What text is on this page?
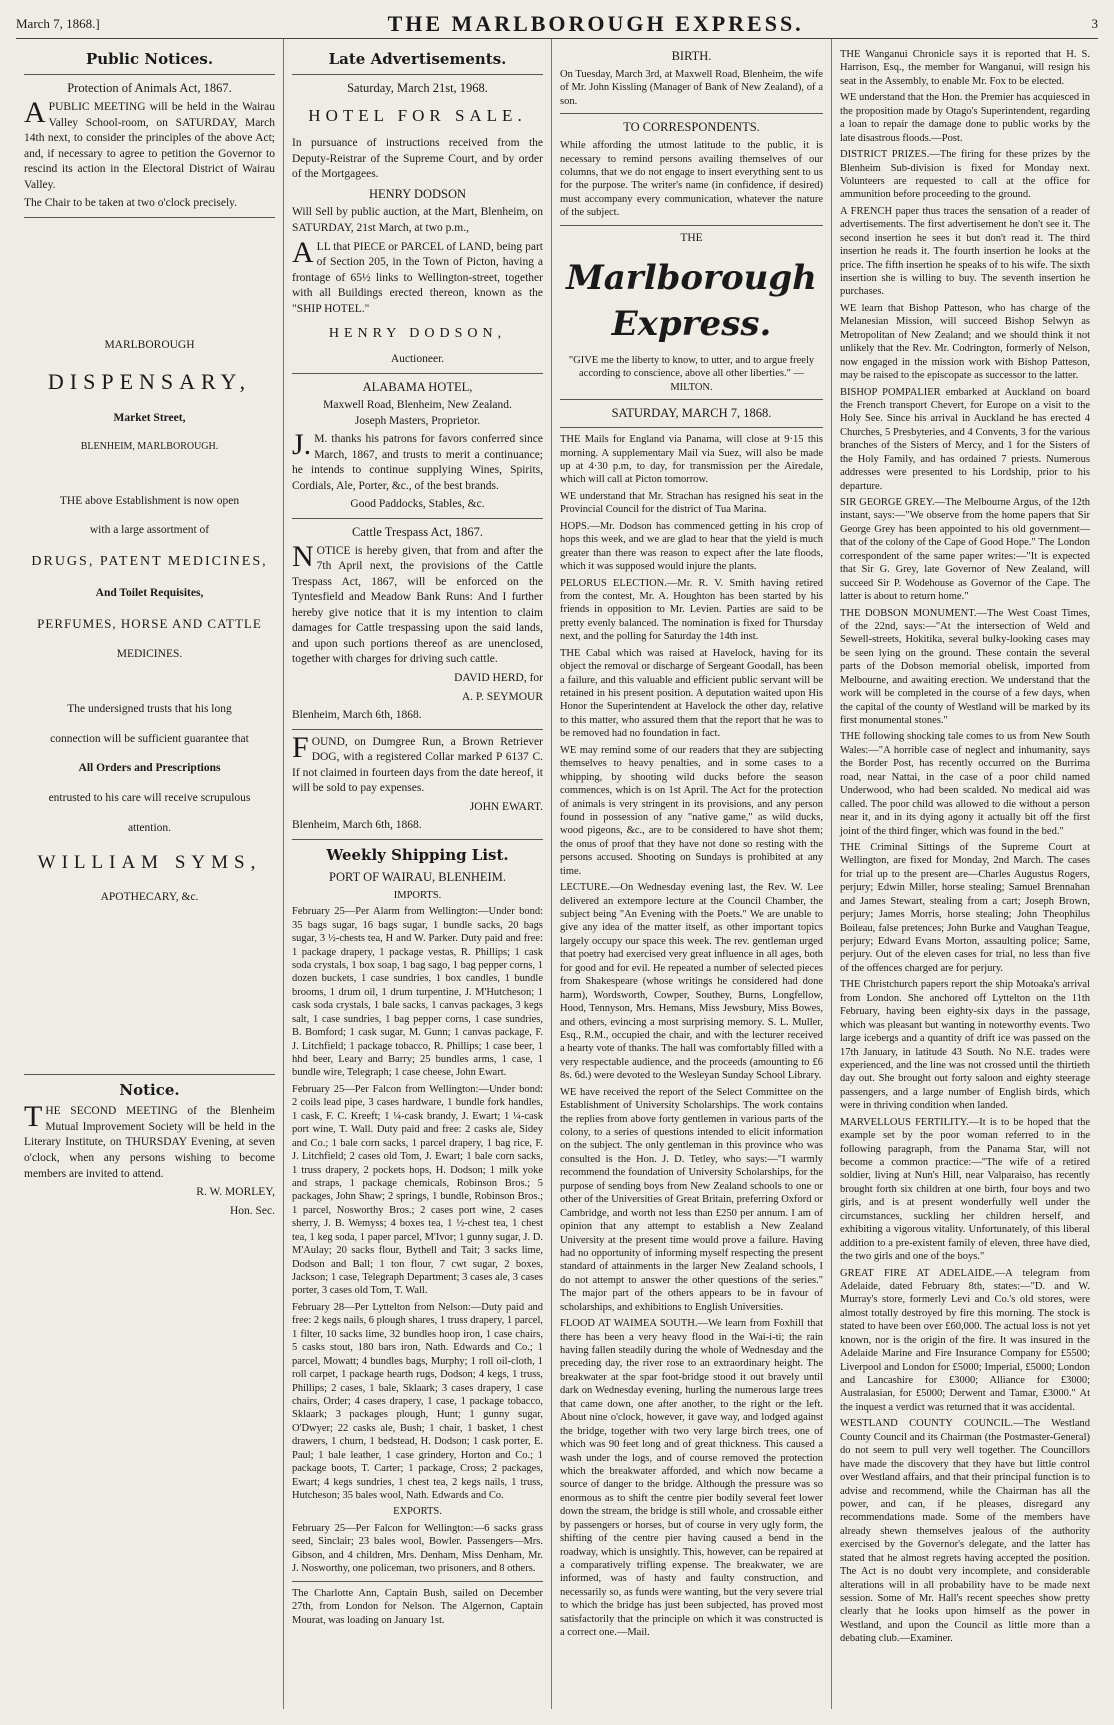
March 7, 1868.]	THE MARLBOROUGH EXPRESS.	3
Public Notices.
Protection of Animals Act, 1867.

APUBLIC MEETING will be held in the Wairau Valley School-room, on SATURDAY, March 14th next, to consider the principles of the above Act; and, if necessary to agree to petition the Governor to rescind its action in the Electoral District of Wairau Valley.

The Chair to be taken at two o'clock precisely.

MARLBOROUGH

DISPENSARY,

Market Street,

BLENHEIM, MARLBOROUGH.

THE above Establishment is now open

with a large assortment of

DRUGS, PATENT MEDICINES,

And Toilet Requisites,

PERFUMES, HORSE AND CATTLE

MEDICINES.

The undersigned trusts that his long

connection will be sufficient guarantee that

All Orders and Prescriptions

entrusted to his care will receive scrupulous

attention.

WILLIAM SYMS,

APOTHECARY, &c.

Notice.

THE SECOND MEETING of the Blenheim Mutual Improvement Society will be held in the Literary Institute, on THURSDAY Evening, at seven o'clock, when any persons wishing to become members are invited to attend.

R. W. MORLEY,

Hon. Sec.

Late Advertisements.
Saturday, March 21st, 1968.
HOTEL FOR SALE.

In pursuance of instructions received from the Deputy-Reistrar of the Supreme Court, and by order of the Mortgagees.

HENRY DODSON

Will Sell by public auction, at the Mart, Blenheim, on SATURDAY, 21st March, at two p.m.,

ALL that PIECE or PARCEL of LAND, being part of Section 205, in the Town of Picton, having a frontage of 65½ links to Wellington-street, together with all Buildings erected thereon, known as the "SHIP HOTEL."

HENRY DODSON,
Auctioneer.
ALABAMA HOTEL,
Maxwell Road, Blenheim, New Zealand.
Joseph Masters, Proprietor.

J.M. thanks his patrons for favors conferred since March, 1867, and trusts to merit a continuance; he intends to continue supplying Wines, Spirits, Cordials, Ale, Porter, &c., of the best brands.

Good Paddocks, Stables, &c.
Cattle Trespass Act, 1867.

NOTICE is hereby given, that from and after the 7th April next, the provisions of the Cattle Trespass Act, 1867, will be enforced on the Tyntesfield and Meadow Bank Runs: And I further hereby give notice that it is my intention to claim damages for Cattle trespassing upon the said lands, and upon such portions thereof as are unenclosed, together with charges for driving such cattle.

DAVID HERD, for

A. P. SEYMOUR

Blenheim, March 6th, 1868.

FOUND, on Dumgree Run, a Brown Retriever DOG, with a registered Collar marked P 6137 C. If not claimed in fourteen days from the date hereof, it will be sold to pay expenses.

JOHN EWART.

Blenheim, March 6th, 1868.

Weekly Shipping List.
PORT OF WAIRAU, BLENHEIM.
IMPORTS.

February 25—Per Alarm from Wellington:—Under bond: 35 bags sugar, 16 bags sugar, 1 bundle sacks, 20 bags sugar, 3 ½-chests tea, H and W. Parker. Duty paid and free: 1 package drapery, 1 package vestas, R. Phillips; 1 cask soda crystals, 1 box soap, 1 bag sago, 1 bag pepper corns, 1 dozen buckets, 1 case sundries, 1 box candles, 1 bundle brooms, 1 drum oil, 1 drum turpentine, J. M'Hutcheson; 1 cask soda crystals, 1 bale sacks, 1 canvas packages, 3 kegs salt, 1 case sundries, 1 bag pepper corns, 1 case sundries, B. Bomford; 1 cask sugar, M. Gunn; 1 canvas package, F. J. Litchfield; 1 package tobacco, R. Phillips; 1 case beer, 1 hhd beer, Leary and Barry; 25 bundles arms, 1 case, 1 bundle wire, Telegraph; 1 case cheese, John Ewart.

February 25—Per Falcon from Wellington:—Under bond: 2 coils lead pipe, 3 cases hardware, 1 bundle fork handles, 1 cask, F. C. Kreeft; 1 ¼-cask brandy, J. Ewart; 1 ¼-cask port wine, T. Wall. Duty paid and free: 2 casks ale, Sidey and Co.; 1 bale corn sacks, 1 parcel drapery, 1 bag rice, F. J. Litchfield; 2 cases old Tom, J. Ewart; 1 bale corn sacks, 1 truss drapery, 2 pockets hops, H. Dodson; 1 milk yoke and straps, 1 package chemicals, Robinson Bros.; 5 packages, John Shaw; 2 springs, 1 bundle, Robinson Bros.; 1 parcel, Nosworthy Bros.; 2 cases port wine, 2 cases sherry, J. B. Wemyss; 4 boxes tea, 1 ½-chest tea, 1 chest tea, 1 keg soda, 1 paper parcel, M'Ivor; 1 gunny sugar, J. D. M'Aulay; 20 sacks flour, Bythell and Tait; 3 sacks lime, Dodson and Ball; 1 ton flour, 7 cwt sugar, 2 boxes, Jackson; 1 case, Telegraph Department; 3 cases ale, 3 cases porter, 3 cases old Tom, T. Wall.

February 28—Per Lyttelton from Nelson:—Duty paid and free: 2 kegs nails, 6 plough shares, 1 truss drapery, 1 parcel, 1 filter, 10 sacks lime, 32 bundles hoop iron, 1 case chairs, 5 casks stout, 180 bars iron, Nath. Edwards and Co.; 1 parcel, Mowatt; 4 bundles bags, Murphy; 1 roll oil-cloth, 1 roll carpet, 1 package hearth rugs, Dodson; 4 kegs, 1 truss, Phillips; 2 cases, 1 bale, Sklaark; 3 cases drapery, 1 case chairs, Order; 4 cases drapery, 1 case, 1 package tobacco, Sklaark; 3 packages plough, Hunt; 1 gunny sugar, O'Dwyer; 22 casks ale, Bush; 1 chair, 1 basket, 1 chest drawers, 1 churn, 1 bedstead, H. Dodson; 1 cask porter, E. Paul; 1 bale leather, 1 case grindery, Horton and Co.; 1 package boots, T. Carter; 1 package, Cross; 2 packages, Ewart; 4 kegs sundries, 1 chest tea, 2 kegs nails, 1 truss, Hutcheson; 35 bales wool, Nath. Edwards and Co.

EXPORTS.

February 25—Per Falcon for Wellington:—6 sacks grass seed, Sinclair; 23 bales wool, Bowler. Passengers—Mrs. Gibson, and 4 children, Mrs. Denham, Miss Denham, Mr. J. Nosworthy, one policeman, two prisoners, and 8 others.

The Charlotte Ann, Captain Bush, sailed on December 27th, from London for Nelson. The Algernon, Captain Mourat, was loading on January 1st.

BIRTH.

On Tuesday, March 3rd, at Maxwell Road, Blenheim, the wife of Mr. John Kissling (Manager of Bank of New Zealand), of a son.

TO CORRESPONDENTS.

While affording the utmost latitude to the public, it is necessary to remind persons availing themselves of our columns, that we do not engage to insert everything sent to us for the purpose. The writer's name (in confidence, if desired) must accompany every communication, whatever the nature of the subject.

THE
Marlborough Express.

"GIVE me the liberty to know, to utter, and to argue freely according to conscience, above all other liberties." —MILTON.

SATURDAY, MARCH 7, 1868.

THE Mails for England via Panama, will close at 9·15 this morning. A supplementary Mail via Suez, will also be made up at 4·30 p.m, to day, for transmission per the Airedale, which will call at Picton tomorrow.

WE understand that Mr. Strachan has resigned his seat in the Provincial Council for the district of Tua Marina.

HOPS.—Mr. Dodson has commenced getting in his crop of hops this week, and we are glad to hear that the yield is much greater than there was reason to expect after the late floods, which it was supposed would injure the plants.

PELORUS ELECTION.—Mr. R. V. Smith having retired from the contest, Mr. A. Houghton has been started by his friends in opposition to Mr. Levien. Parties are said to be pretty evenly balanced. The nomination is fixed for Thursday next, and the polling for Saturday the 14th inst.

THE Cabal which was raised at Havelock, having for its object the removal or discharge of Sergeant Goodall, has been a failure, and this valuable and efficient public servant will be retained in his present position. A deputation waited upon His Honor the Superintendent at Havelock the other day, relative to this matter, who assured them that the report that he was to be removed had no foundation in fact.

WE may remind some of our readers that they are subjecting themselves to heavy penalties, and in some cases to a whipping, by shooting wild ducks before the season commences, which is on 1st April. The Act for the protection of animals is very stringent in its provisions, and any person found in possession of any "native game," as wild ducks, wood pigeons, &c., are to be considered to have shot them; the onus of proof that they have not done so resting with the persons accused. Shooting on Sundays is prohibited at any time.

LECTURE.—On Wednesday evening last, the Rev. W. Lee delivered an extempore lecture at the Council Chamber, the subject being "An Evening with the Poets." We are unable to give any idea of the matter itself, as other important topics largely occupy our space this week. The rev. gentleman urged that poetry had exercised very great influence in all ages, both for good and for evil. He repeated a number of selected pieces from Shakespeare (whose writings he considered had done harm), Wordsworth, Cowper, Southey, Burns, Longfellow, Hood, Tennyson, Mrs. Hemans, Miss Jewsbury, Miss Bowes, and others, evincing a most surprising memory. S. L. Muller, Esq., R.M., occupied the chair, and with the lecturer received a hearty vote of thanks. The hall was comfortably filled with a very respectable audience, and the proceeds (amounting to £6 8s. 6d.) were devoted to the Wesleyan Sunday School Library.

WE have received the report of the Select Committee on the Establishment of University Scholarships. The work contains the replies from above forty gentlemen in various parts of the colony, to a series of questions intended to elicit information on the subject. The only gentleman in this province who was consulted is the Hon. J. D. Tetley, who says:—"I warmly recommend the foundation of University Scholarships, for the purpose of sending boys from New Zealand schools to one or other of the Universities of Great Britain, preferring Oxford or Cambridge, and worth not less than £250 per annum. I am of opinion that any attempt to establish a New Zealand University at the present time would prove a failure. Having had no opportunity of informing myself respecting the present standard of attainments in the larger New Zealand schools, I do not attempt to answer the other questions of the series." The major part of the others appears to be in favour of scholarships, and exhibitions to English Universities.

FLOOD AT WAIMEA SOUTH.—We learn from Foxhill that there has been a very heavy flood in the Wai-i-ti; the rain having fallen steadily during the whole of Wednesday and the preceding day, the river rose to an extraordinary height. The breakwater at the spar foot-bridge stood it out bravely until dark on Wednesday evening, hurling the numerous large trees that came down, one after another, to the right or the left. About nine o'clock, however, it gave way, and lodged against the bridge, together with two very large birch trees, one of which was 90 feet long and of great thickness. This caused a wash under the logs, and of course removed the protection which the breakwater afforded, and which now became a source of danger to the bridge. Although the pressure was so enormous as to shift the centre pier bodily several feet lower down the stream, the bridge is still whole, and crossable either by passengers or horses, but of course in very ugly form, the shifting of the centre pier having caused a bend in the roadway, which is unsightly. This, however, can be repaired at a comparatively trifling expense. The breakwater, we are informed, was of hasty and faulty construction, and necessarily so, as funds were wanting, but the very severe trial to which the bridge has just been subjected, has proved most satisfactorily that the principle on which it was constructed is a correct one.—Mail.

THE Wanganui Chronicle says it is reported that H. S. Harrison, Esq., the member for Wanganui, will resign his seat in the Assembly, to enable Mr. Fox to be elected.

WE understand that the Hon. the Premier has acquiesced in the proposition made by Otago's Superintendent, regarding a loan to repair the damage done to public works by the late disastrous floods.—Post.

DISTRICT PRIZES.—The firing for these prizes by the Blenheim Sub-division is fixed for Monday next. Volunteers are requested to call at the office for ammunition before proceeding to the ground.

A FRENCH paper thus traces the sensation of a reader of advertisements. The first advertisement he don't see it. The second insertion he sees it but don't read it. The third insertion he reads it. The fourth insertion he looks at the price. The fifth insertion he speaks of to his wife. The sixth insertion she is willing to buy. The seventh insertion he purchases.

WE learn that Bishop Patteson, who has charge of the Melanesian Mission, will succeed Bishop Selwyn as Metropolitan of New Zealand; and we should think it not unlikely that the Rev. Mr. Codrington, formerly of Nelson, now engaged in the mission work with Bishop Patteson, may be raised to the episcopate as successor to the latter.

BISHOP POMPALIER embarked at Auckland on board the French transport Chevert, for Europe on a visit to the Holy See. Since his arrival in Auckland he has erected 4 Churches, 5 Presbyteries, and 4 Convents, 3 for the various branches of the Sisters of Mercy, and 1 for the Sisters of the Holy Family, and has ordained 7 priests. Numerous addresses were presented to his Lordship, prior to his departure.

SIR GEORGE GREY.—The Melbourne Argus, of the 12th instant, says:—"We observe from the home papers that Sir George Grey has been appointed to his old government—that of the colony of the Cape of Good Hope." The London correspondent of the same paper writes:—"It is expected that Sir G. Grey, late Governor of New Zealand, will succeed Sir P. Wodehouse as Governor of the Cape. The latter is about to return home."

THE DOBSON MONUMENT.—The West Coast Times, of the 22nd, says:—"At the intersection of Weld and Sewell-streets, Hokitika, several bulky-looking cases may be seen lying on the ground. These contain the several parts of the Dobson memorial obelisk, imported from Melbourne, and awaiting erection. We understand that the work will be completed in the course of a few days, when the capital of the county of Westland will be marked by its first monumental stones."

THE following shocking tale comes to us from New South Wales:—"A horrible case of neglect and inhumanity, says the Border Post, has recently occurred on the Burrima road, near Nattai, in the case of a poor child named Underwood, who had been scalded. No medical aid was called. The poor child was allowed to die without a person near it, and in its dying agony it actually bit off the first joint of the third finger, which was found in the bed."

THE Criminal Sittings of the Supreme Court at Wellington, are fixed for Monday, 2nd March. The cases for trial up to the present are—Charles Augustus Rogers, perjury; Edwin Miller, horse stealing; Samuel Brennahan and James Stewart, stealing from a cart; Joseph Brown, perjury; James Morris, horse stealing; John Theophilus Boileau, false pretences; John Burke and Vaughan Teague, perjury; Edward Evans Morton, assaulting police; Same, perjury. Out of the eleven cases for trial, no less than five of the offences charged are for perjury.

THE Christchurch papers report the ship Motoaka's arrival from London. She anchored off Lyttelton on the 11th February, having been eighty-six days in the passage, which was pleasant but wanting in noteworthy events. Two large icebergs and a quantity of drift ice was passed on the 17th January, in latitude 43 South. No N.E. trades were experienced, and the line was not crossed until the thirtieth day out. She brought out forty saloon and eighty steerage passengers, and a large number of English birds, which were in thriving condition when landed.

MARVELLOUS FERTILITY.—It is to be hoped that the example set by the poor woman referred to in the following paragraph, from the Panama Star, will not become a common practice:—"The wife of a retired soldier, living at Nun's Hill, near Valparaiso, has recently brought forth six children at one birth, four boys and two girls, and is at present wonderfully well under the circumstances, suckling her children herself, and exhibiting a vigorous vitality. Unfortunately, of this liberal addition to a pre-existent family of eleven, three have died, the two girls and one of the boys."

GREAT FIRE AT ADELAIDE.—A telegram from Adelaide, dated February 8th, states:—"D. and W. Murray's store, formerly Levi and Co.'s old stores, were almost totally destroyed by fire this morning. The stock is stated to have been over £60,000. The actual loss is not yet known, nor is the origin of the fire. It was insured in the Adelaide Marine and Fire Insurance Company for £5500; Liverpool and London for £5000; Imperial, £5000; London and Lancashire for £3000; Alliance for £3000; Australasian, for £5000; Derwent and Tamar, £3000." At the inquest a verdict was returned that it was accidental.

WESTLAND COUNTY COUNCIL.—The Westland County Council and its Chairman (the Postmaster-General) do not seem to pull very well together. The Councillors have made the discovery that they have but little control over Westland affairs, and that their principal function is to advise and recommend, while the Chairman has all the power, and can, if he pleases, disregard any recommendations made. Some of the members have already shewn themselves jealous of the authority exercised by the Governor's delegate, and the latter has stated that he almost regrets having accepted the position. The Act is no doubt very incomplete, and considerable alterations will in all probability have to be made next session. Some of Mr. Hall's recent speeches show pretty clearly that he looks upon himself as the power in Westland, and upon the Council as little more than a debating club.—Examiner.
